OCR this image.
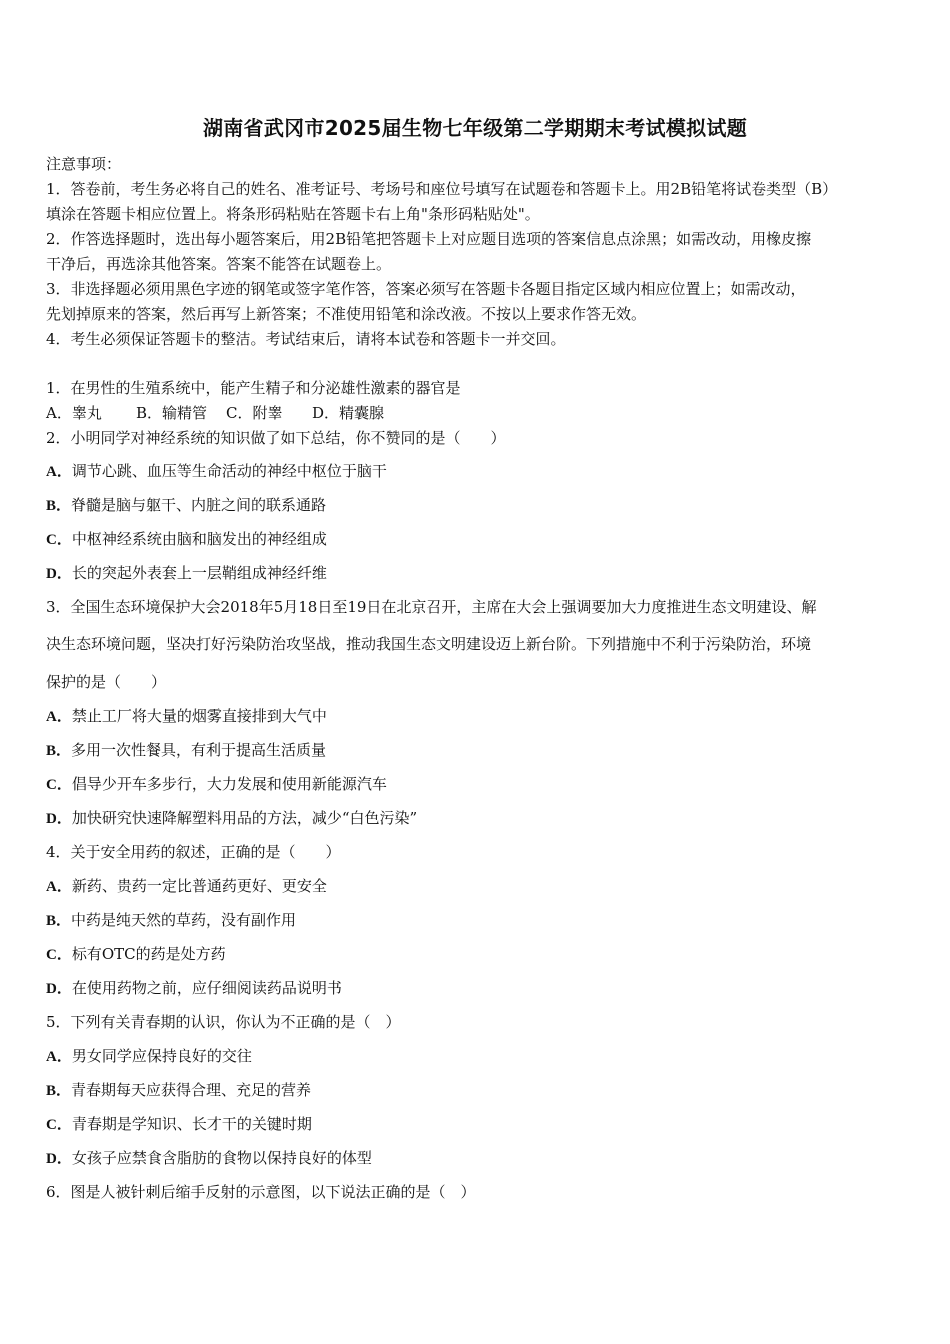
湖南省武冈市2025届生物七年级第二学期期末考试模拟试题
注意事项：
1．答卷前，考生务必将自己的姓名、准考证号、考场号和座位号填写在试题卷和答题卡上。用2B铅笔将试卷类型（B）
填涂在答题卡相应位置上。将条形码粘贴在答题卡右上角"条形码粘贴处"。
2．作答选择题时，选出每小题答案后，用2B铅笔把答题卡上对应题目选项的答案信息点涂黑；如需改动，用橡皮擦
干净后，再选涂其他答案。答案不能答在试题卷上。
3．非选择题必须用黑色字迹的钢笔或签字笔作答，答案必须写在答题卡各题目指定区域内相应位置上；如需改动，
先划掉原来的答案，然后再写上新答案；不准使用铅笔和涂改液。不按以上要求作答无效。
4．考生必须保证答题卡的整洁。考试结束后，请将本试卷和答题卡一并交回。
1．在男性的生殖系统中，能产生精子和分泌雄性激素的器官是
A．睾丸 B．输精管 C．附睾 D．精囊腺
2．小明同学对神经系统的知识做了如下总结，你不赞同的是（　　）
A．调节心跳、血压等生命活动的神经中枢位于脑干
B．脊髓是脑与躯干、内脏之间的联系通路
C．中枢神经系统由脑和脑发出的神经组成
D．长的突起外表套上一层鞘组成神经纤维
3．全国生态环境保护大会2018年5月18日至19日在北京召开，主席在大会上强调要加大力度推进生态文明建设、解
决生态环境问题，坚决打好污染防治攻坚战，推动我国生态文明建设迈上新台阶。下列措施中不利于污染防治，环境
保护的是（　　）
A．禁止工厂将大量的烟雾直接排到大气中
B．多用一次性餐具，有利于提高生活质量
C．倡导少开车多步行，大力发展和使用新能源汽车
D．加快研究快速降解塑料用品的方法，减少“白色污染”
4．关于安全用药的叙述，正确的是（　　）
A．新药、贵药一定比普通药更好、更安全
B．中药是纯天然的草药，没有副作用
C．标有OTC的药是处方药
D．在使用药物之前，应仔细阅读药品说明书
5．下列有关青春期的认识，你认为不正确的是（　）
A．男女同学应保持良好的交往
B．青春期每天应获得合理、充足的营养
C．青春期是学知识、长才干的关键时期
D．女孩子应禁食含脂肪的食物以保持良好的体型
6．图是人被针刺后缩手反射的示意图，以下说法正确的是（　）
